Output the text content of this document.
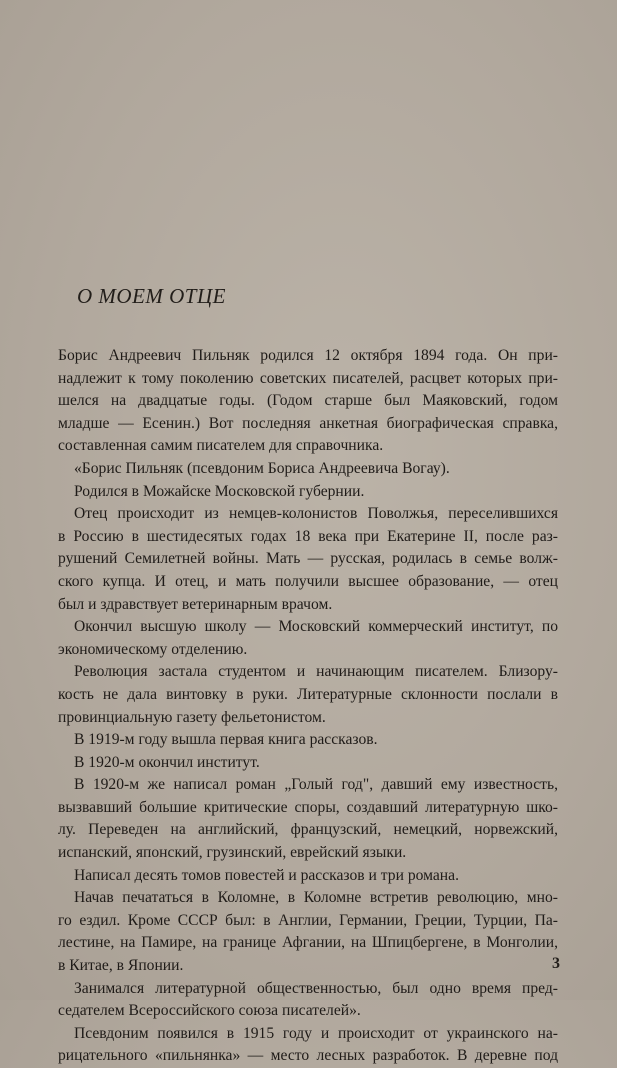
О МОЕМ ОТЦЕ
Борис Андреевич Пильняк родился 12 октября 1894 года. Он при-
надлежит к тому поколению советских писателей, расцвет которых при-
шелся на двадцатые годы. (Годом старше был Маяковский, годом
младше — Есенин.) Вот последняя анкетная биографическая справка,
составленная самим писателем для справочника.
«Борис Пильняк (псевдоним Бориса Андреевича Вогау).
Родился в Можайске Московской губернии.
Отец происходит из немцев-колонистов Поволжья, переселившихся
в Россию в шестидесятых годах 18 века при Екатерине II, после раз-
рушений Семилетней войны. Мать — русская, родилась в семье волж-
ского купца. И отец, и мать получили высшее образование, — отец
был и здравствует ветеринарным врачом.
Окончил высшую школу — Московский коммерческий институт, по
экономическому отделению.
Революция застала студентом и начинающим писателем. Близору-
кость не дала винтовку в руки. Литературные склонности послали в
провинциальную газету фельетонистом.
В 1919-м году вышла первая книга рассказов.
В 1920-м окончил институт.
В 1920-м же написал роман „Голый год", давший ему известность,
вызвавший большие критические споры, создавший литературную шко-
лу. Переведен на английский, французский, немецкий, норвежский,
испанский, японский, грузинский, еврейский языки.
Написал десять томов повестей и рассказов и три романа.
Начав печататься в Коломне, в Коломне встретив революцию, мно-
го ездил. Кроме СССР был: в Англии, Германии, Греции, Турции, Па-
лестине, на Памире, на границе Афгании, на Шпицбергене, в Монголии,
в Китае, в Японии.
Занимался литературной общественностью, был одно время пред-
седателем Всероссийского союза писателей».
Псевдоним появился в 1915 году и происходит от украинского на-
рицательного «пильнянка» — место лесных разработок. В деревне под
3
